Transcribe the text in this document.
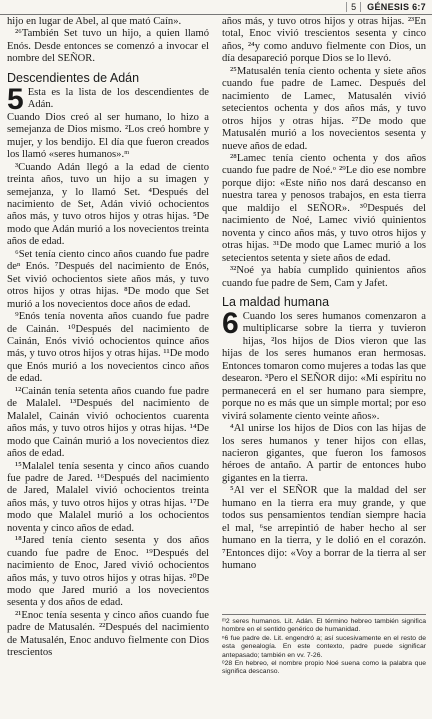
5	GÉNESIS 6:7

hijo en lugar de Abel, al que mató Caín».

²⁶También Set tuvo un hijo, a quien llamó Enós. Desde entonces se comenzó a invocar el nombre del SEÑOR.

Descendientes de Adán
5 Esta es la lista de los descendientes de Adán.

Cuando Dios creó al ser humano, lo hizo a semejanza de Dios mismo. ²Los creó hombre y mujer, y los bendijo. El día que fueron creados los llamó «seres humanos».ᵐ

³Cuando Adán llegó a la edad de ciento treinta años, tuvo un hijo a su imagen y semejanza, y lo llamó Set. ⁴Después del nacimiento de Set, Adán vivió ochocientos años más, y tuvo otros hijos y otras hijas. ⁵De modo que Adán murió a los novecientos treinta años de edad.

⁶Set tenía ciento cinco años cuando fue padre deⁿ Enós. ⁷Después del nacimiento de Enós, Set vivió ochocientos siete años más, y tuvo otros hijos y otras hijas. ⁸De modo que Set murió a los novecientos doce años de edad.

⁹Enós tenía noventa años cuando fue padre de Cainán. ¹⁰Después del nacimiento de Cainán, Enós vivió ochocientos quince años más, y tuvo otros hijos y otras hijas. ¹¹De modo que Enós murió a los novecientos cinco años de edad.

¹²Cainán tenía setenta años cuando fue padre de Malalel. ¹³Después del nacimiento de Malalel, Cainán vivió ochocientos cuarenta años más, y tuvo otros hijos y otras hijas. ¹⁴De modo que Cainán murió a los novecientos diez años de edad.

¹⁵Malalel tenía sesenta y cinco años cuando fue padre de Jared. ¹⁶Después del nacimiento de Jared, Malalel vivió ochocientos treinta años más, y tuvo otros hijos y otras hijas. ¹⁷De modo que Malalel murió a los ochocientos noventa y cinco años de edad.

¹⁸Jared tenía ciento sesenta y dos años cuando fue padre de Enoc. ¹⁹Después del nacimiento de Enoc, Jared vivió ochocientos años más, y tuvo otros hijos y otras hijas. ²⁰De modo que Jared murió a los novecientos sesenta y dos años de edad.

²¹Enoc tenía sesenta y cinco años cuando fue padre de Matusalén. ²²Después del nacimiento de Matusalén, Enoc anduvo fielmente con Dios trescientos

años más, y tuvo otros hijos y otras hijas. ²³En total, Enoc vivió trescientos sesenta y cinco años, ²⁴y como anduvo fielmente con Dios, un día desapareció porque Dios se lo llevó.

²⁵Matusalén tenía ciento ochenta y siete años cuando fue padre de Lamec. Después del nacimiento de Lamec, Matusalén vivió setecientos ochenta y dos años más, y tuvo otros hijos y otras hijas. ²⁷De modo que Matusalén murió a los novecientos sesenta y nueve años de edad.

²⁸Lamec tenía ciento ochenta y dos años cuando fue padre de Noé.ᵒ ²⁹Le dio ese nombre porque dijo: «Este niño nos dará descanso en nuestra tarea y penosos trabajos, en esta tierra que maldijo el SEÑOR». ³⁰Después del nacimiento de Noé, Lamec vivió quinientos noventa y cinco años más, y tuvo otros hijos y otras hijas. ³¹De modo que Lamec murió a los setecientos setenta y siete años de edad.

³²Noé ya había cumplido quinientos años cuando fue padre de Sem, Cam y Jafet.

La maldad humana
6 Cuando los seres humanos comenzaron a multiplicarse sobre la tierra y tuvieron hijas, ²los hijos de Dios vieron que las hijas de los seres humanos eran hermosas. Entonces tomaron como mujeres a todas las que desearon. ³Pero el SEÑOR dijo: «Mi espíritu no permanecerá en el ser humano para siempre, porque no es más que un simple mortal; por eso vivirá solamente ciento veinte años».

⁴Al unirse los hijos de Dios con las hijas de los seres humanos y tener hijos con ellas, nacieron gigantes, que fueron los famosos héroes de antaño. A partir de entonces hubo gigantes en la tierra.

⁵Al ver el SEÑOR que la maldad del ser humano en la tierra era muy grande, y que todos sus pensamientos tendían siempre hacia el mal, ⁶se arrepintió de haber hecho al ser humano en la tierra, y le dolió en el corazón. ⁷Entonces dijo: «Voy a borrar de la tierra al ser humano

ᵐ2 seres humanos. Lit. Adán. El término hebreo también significa hombre en el sentido genérico de humanidad.

ⁿ6 fue padre de. Lit. engendró a; así sucesivamente en el resto de esta genealogía. En este contexto, padre puede significar antepasado; también en vv. 7-26.

ᵒ28 En hebreo, el nombre propio Noé suena como la palabra que significa descanso.
